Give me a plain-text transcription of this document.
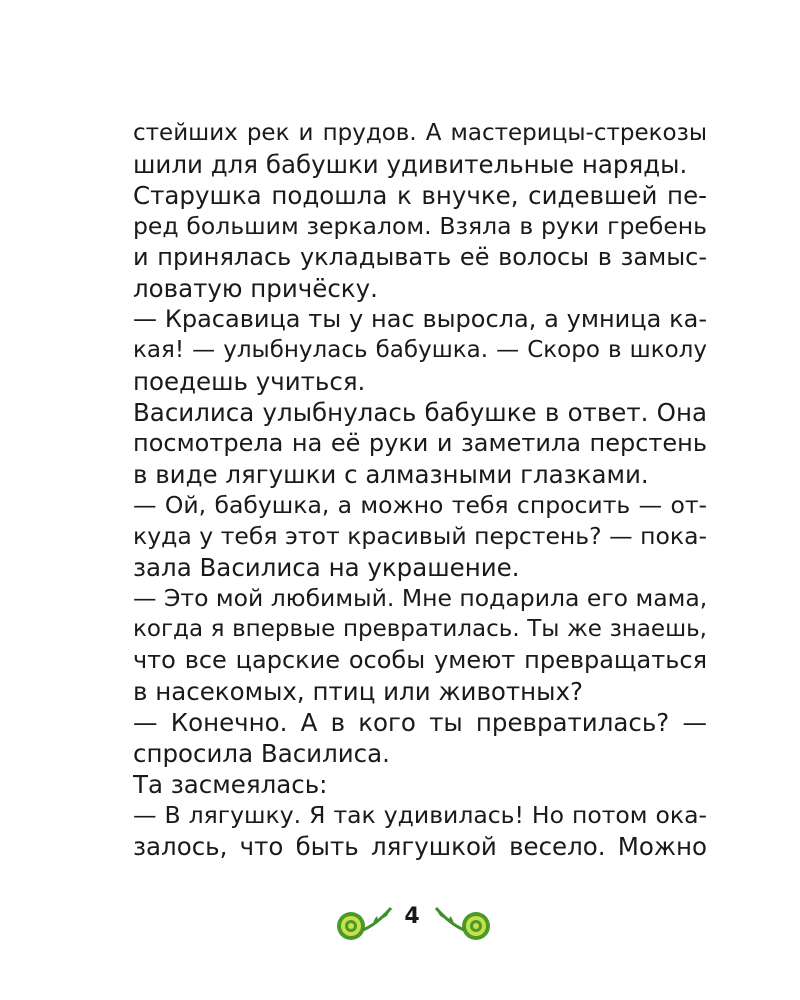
стейших рек и прудов. А мастерицы-стрекозы
шили для бабушки удивительные наряды.
Старушка подошла к внучке, сидевшей пе-
ред большим зеркалом. Взяла в руки гребень
и принялась укладывать её волосы в замыс-
ловатую причёску.
— Красавица ты у нас выросла, а умница ка-
кая! — улыбнулась бабушка. — Скоро в школу
поедешь учиться.
Василиса улыбнулась бабушке в ответ. Она
посмотрела на её руки и заметила перстень
в виде лягушки с алмазными глазками.
— Ой, бабушка, а можно тебя спросить — от-
куда у тебя этот красивый перстень? — пока-
зала Василиса на украшение.
— Это мой любимый. Мне подарила его мама,
когда я впервые превратилась. Ты же знаешь,
что все царские особы умеют превращаться
в насекомых, птиц или животных?
— Конечно. А в кого ты превратилась? —
спросила Василиса.
Та засмеялась:
— В лягушку. Я так удивилась! Но потом ока-
залось, что быть лягушкой весело. Можно
4
